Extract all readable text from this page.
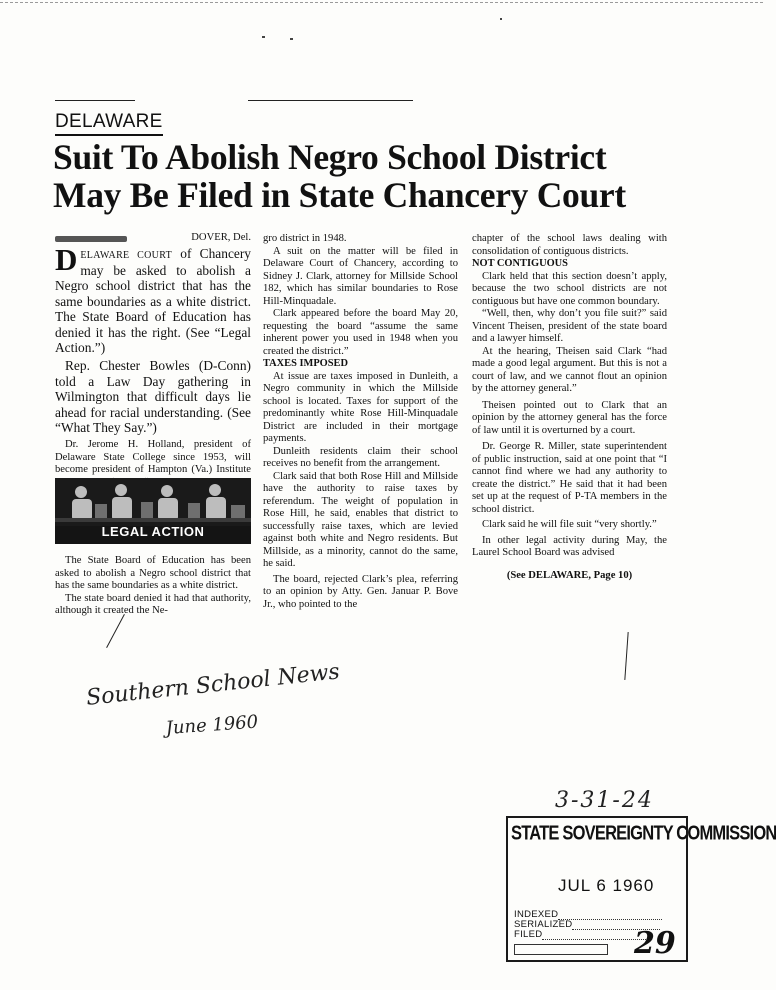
DELAWARE
Suit To Abolish Negro School District
May Be Filed in State Chancery Court
DOVER, Del.

DELAWARE COURT of Chancery may be asked to abolish a Negro school district that has the same boundaries as a white district. The State Board of Education has denied it has the right. (See “Legal Action.”)

Rep. Chester Bowles (D-Conn) told a Law Day gathering in Wilmington that difficult days lie ahead for racial understanding. (See “What They Say.”)

Dr. Jerome H. Holland, president of Delaware State College since 1953, will become president of Hampton (Va.) Institute

LEGAL ACTION

The State Board of Education has been asked to abolish a Negro school district that has the same boundaries as a white district.

The state board denied it had that authority, although it created the Ne-

gro district in 1948.

A suit on the matter will be filed in Delaware Court of Chancery, according to Sidney J. Clark, attorney for Millside School 182, which has similar boundaries to Rose Hill-Minquadale.

Clark appeared before the board May 20, requesting the board “assume the same inherent power you used in 1948 when you created the district.”

TAXES IMPOSED

At issue are taxes imposed in Dunleith, a Negro community in which the Millside school is located. Taxes for support of the predominantly white Rose Hill-Minquadale District are included in their mortgage payments.

Dunleith residents claim their school receives no benefit from the arrangement.

Clark said that both Rose Hill and Millside have the authority to raise taxes by referendum. The weight of population in Rose Hill, he said, enables that district to successfully raise taxes, which are levied against both white and Negro residents. But Millside, as a minority, cannot do the same, he said.

The board, rejected Clark’s plea, referring to an opinion by Atty. Gen. Januar P. Bove Jr., who pointed to the

chapter of the school laws dealing with consolidation of contiguous districts.

NOT CONTIGUOUS

Clark held that this section doesn’t apply, because the two school districts are not contiguous but have one common boundary.

“Well, then, why don’t you file suit?” said Vincent Theisen, president of the state board and a lawyer himself.

At the hearing, Theisen said Clark “had made a good legal argument. But this is not a court of law, and we cannot flout an opinion by the attorney general.”

Theisen pointed out to Clark that an opinion by the attorney general has the force of law until it is overturned by a court.

Dr. George R. Miller, state superintendent of public instruction, said at one point that “I cannot find where we had any authority to create the district.” He said that it had been set up at the request of P-TA members in the school district.

Clark said he will file suit “very shortly.”

In other legal activity during May, the Laurel School Board was advised

(See DELAWARE, Page 10)

Southern School News
June 1960
3-31-24
STATE SOVEREIGNTY COMMISSION
JUL 6 1960
INDEXED
SERIALIZED
FILED	29
